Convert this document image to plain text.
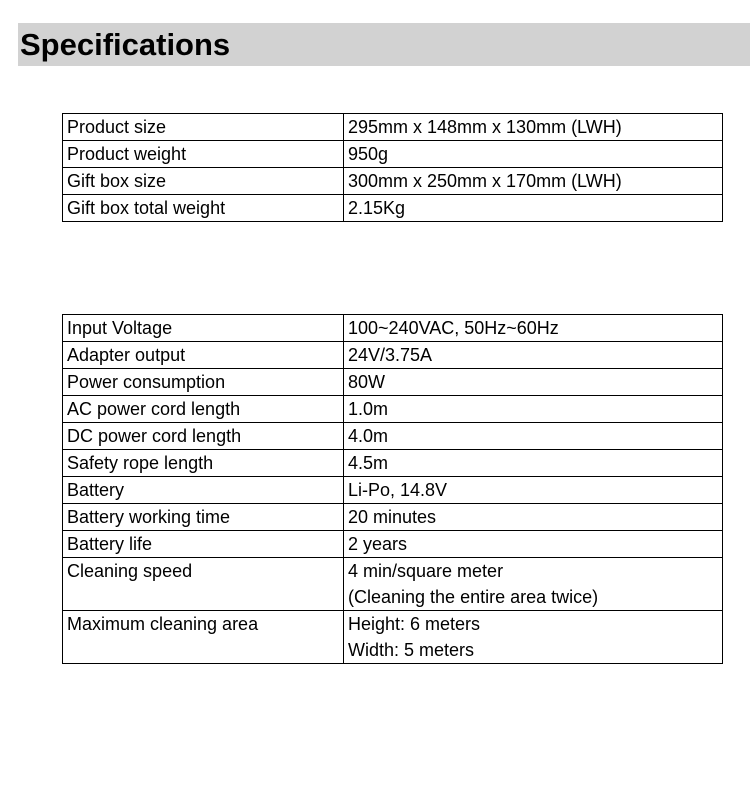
Specifications
Product size	295mm x 148mm x 130mm (LWH)
Product weight	950g
Gift box size	300mm x 250mm x 170mm (LWH)
Gift box total weight	2.15Kg
Input Voltage	100~240VAC, 50Hz~60Hz
Adapter output	24V/3.75A
Power consumption	80W
AC power cord length	1.0m
DC power cord length	4.0m
Safety rope length	4.5m
Battery	Li-Po, 14.8V
Battery working time	20 minutes
Battery life	2 years
Cleaning speed	4 min/square meter
(Cleaning the entire area twice)

Maximum cleaning area	Height: 6 meters
Width: 5 meters
